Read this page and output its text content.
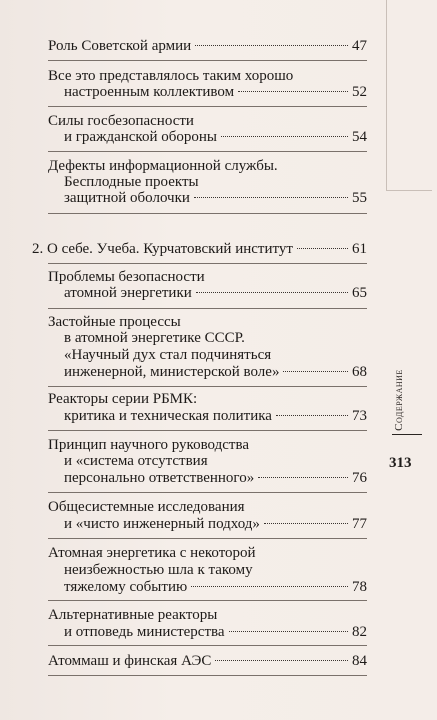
Роль Советской армии	47
Все это представлялось таким хорошо
настроенным коллективом	52
Силы госбезопасности
и гражданской обороны	54
Дефекты информационной службы.
Бесплодные проекты
защитной оболочки	55
2. О себе. Учеба. Курчатовский институт	61
Проблемы безопасности
атомной энергетики	65
Застойные процессы
в атомной энергетике СССР.
«Научный дух стал подчиняться
инженерной, министерской воле»	68
Реакторы серии РБМК:
критика и техническая политика	73
Принцип научного руководства
и «система отсутствия
персонально ответственного»	76
Общесистемные исследования
и «чисто инженерный подход»	77
Атомная энергетика с некоторой
неизбежностью шла к такому
тяжелому событию	78
Альтернативные реакторы
и отповедь министерства	82
Атоммаш и финская АЭС	84
Содержание
313
